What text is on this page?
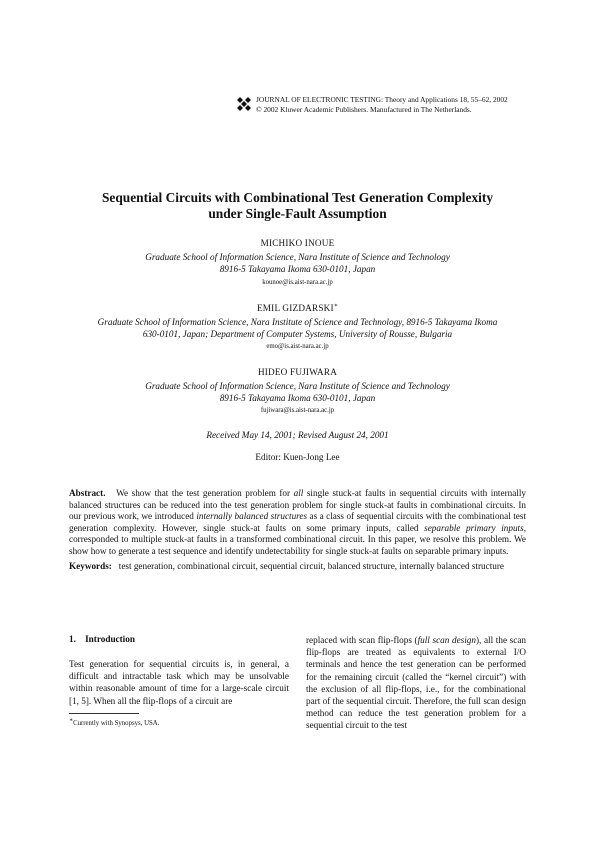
JOURNAL OF ELECTRONIC TESTING: Theory and Applications 18, 55–62, 2002
© 2002 Kluwer Academic Publishers. Manufactured in The Netherlands.
Sequential Circuits with Combinational Test Generation Complexity
under Single-Fault Assumption
MICHIKO INOUE
Graduate School of Information Science, Nara Institute of Science and Technology
8916-5 Takayama Ikoma 630-0101, Japan
kounoe@is.aist-nara.ac.jp
EMIL GIZDARSKI∗
Graduate School of Information Science, Nara Institute of Science and Technology, 8916-5 Takayama Ikoma
630-0101, Japan; Department of Computer Systems, University of Rousse, Bulgaria
emo@is.aist-nara.ac.jp
HIDEO FUJIWARA
Graduate School of Information Science, Nara Institute of Science and Technology
8916-5 Takayama Ikoma 630-0101, Japan
fujiwara@is.aist-nara.ac.jp
Received May 14, 2001; Revised August 24, 2001
Editor: Kuen-Jong Lee
Abstract. We show that the test generation problem for all single stuck-at faults in sequential circuits with internally balanced structures can be reduced into the test generation problem for single stuck-at faults in combinational circuits. In our previous work, we introduced internally balanced structures as a class of sequential circuits with the combinational test generation complexity. However, single stuck-at faults on some primary inputs, called separable primary inputs, corresponded to multiple stuck-at faults in a transformed combinational circuit. In this paper, we resolve this problem. We show how to generate a test sequence and identify undetectability for single stuck-at faults on separable primary inputs.
Keywords: test generation, combinational circuit, sequential circuit, balanced structure, internally balanced structure
1.    Introduction
Test generation for sequential circuits is, in general, a difficult and intractable task which may be unsolvable within reasonable amount of time for a large-scale circuit [1, 5]. When all the flip-flops of a circuit are
replaced with scan flip-flops (full scan design), all the scan flip-flops are treated as equivalents to external I/O terminals and hence the test generation can be performed for the remaining circuit (called the “kernel circuit”) with the exclusion of all flip-flops, i.e., for the combinational part of the sequential circuit. Therefore, the full scan design method can reduce the test generation problem for a sequential circuit to the test
∗Currently with Synopsys, USA.
